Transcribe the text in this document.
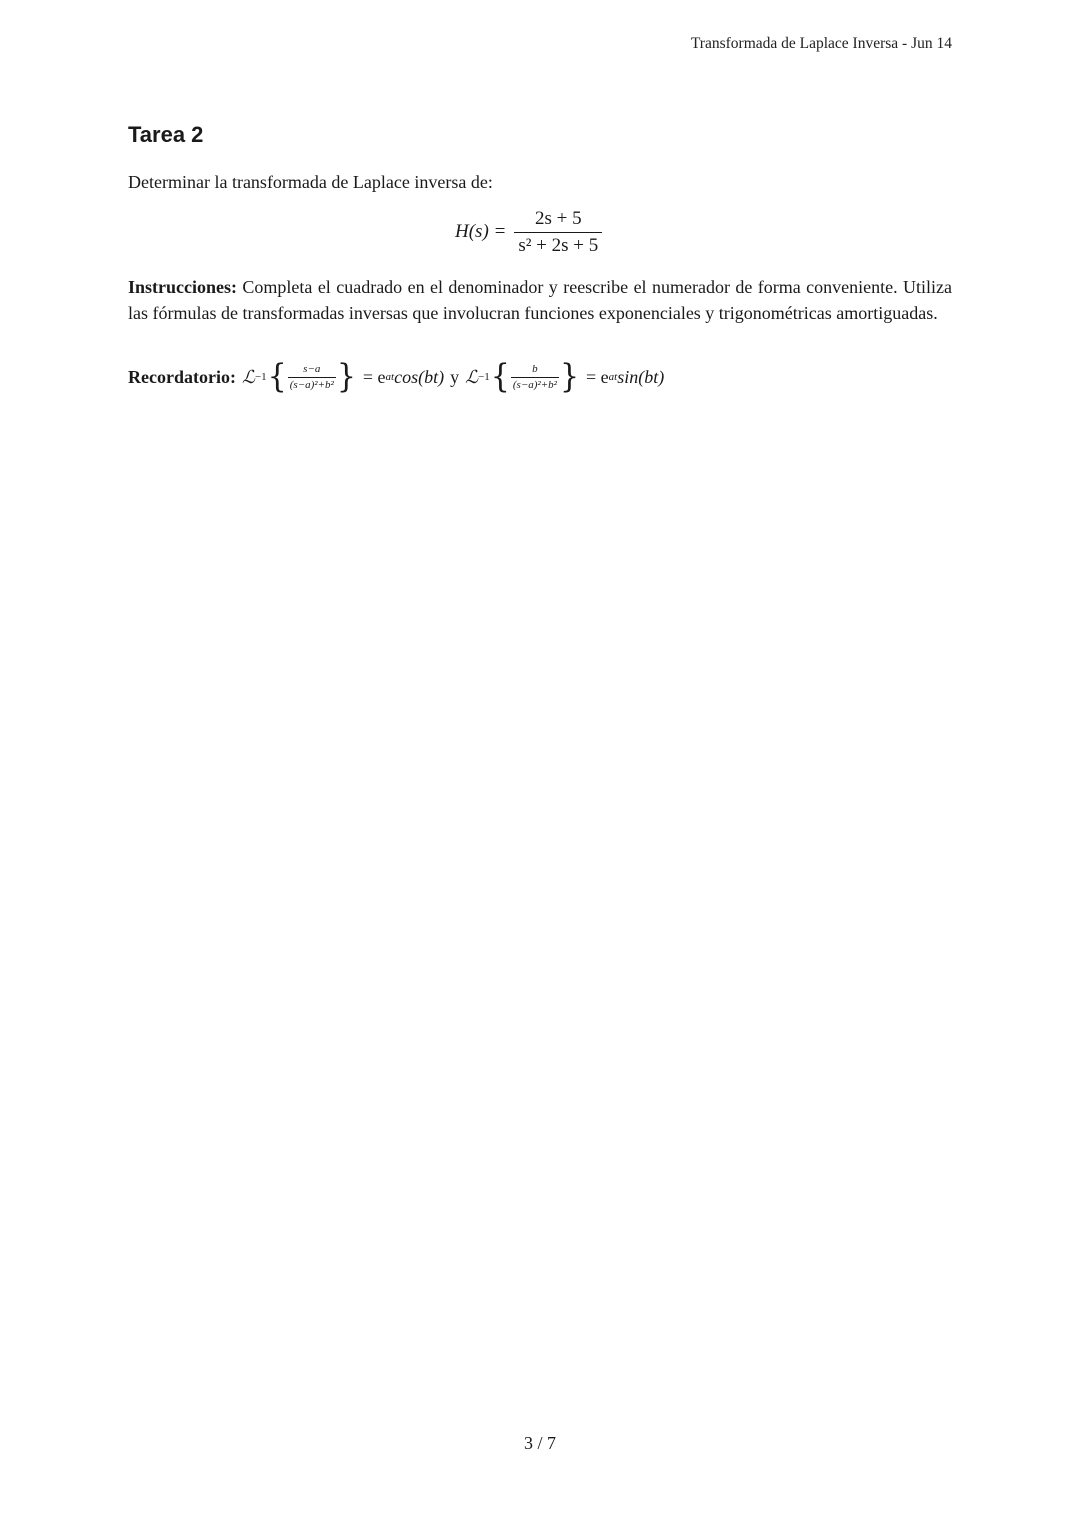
Transformada de Laplace Inversa - Jun 14
Tarea 2

Determinar la transformada de Laplace inversa de:

$H(s) = \frac{2s + 5}{\text{s² + 2s + 5}}$

Instrucciones: Completa el cuadrado en el denominador y reescribe el numerador de forma conveniente. Utiliza las fórmulas de transformadas inversas que involucran funciones exponenciales y trigonométricas amortiguadas.

Recordatorio: ℒ −1 { $\frac{s-a}{\text{(s−a)²+b²}}$ } = e at cos(bt) y ℒ −1 { $\frac{b}{\text{(s−a)²+b²}}$ } = e at sin(bt)
3 / 7
